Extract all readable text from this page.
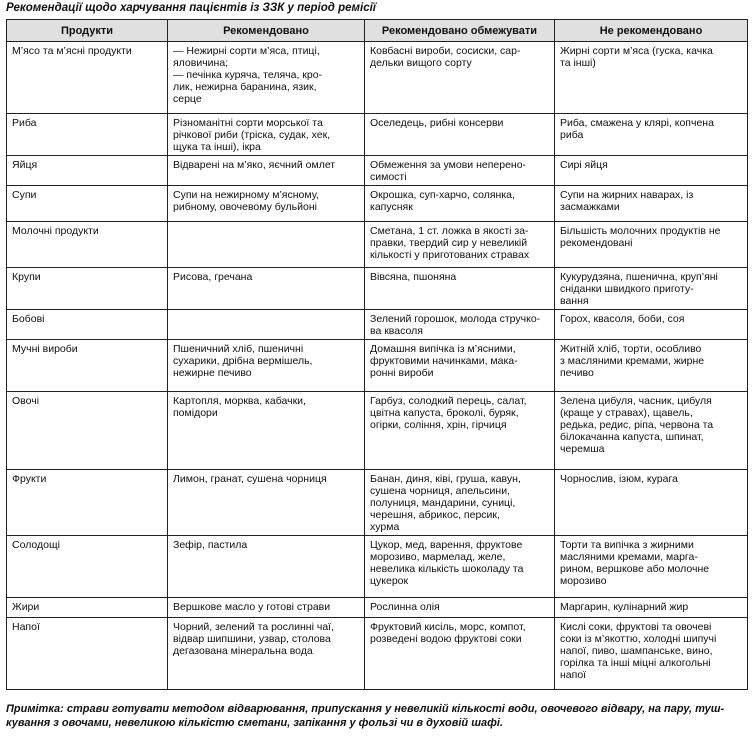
Рекомендації щодо харчування пацієнтів із ЗЗК у період ремісії
Продукти	Рекомендовано	Рекомендовано обмежувати	Не рекомендовано
М’ясо та м’ясні продукти	— Нежирні сорти м’яса, птиці,
яловичина;
— печінка куряча, теляча, кро-
лик, нежирна баранина, язик,
серце	Ковбасні вироби, сосиски, сар-
дельки вищого сорту	Жирні сорти м’яса (гуска, качка
та інші)
Риба	Різноманітні сорти морської та
річкової риби (тріска, судак, хек,
щука та інші), ікра	Оселедець, рибні консерви	Риба, смажена у клярі, копчена
риба
Яйця	Відварені на м’яко, яєчний омлет	Обмеження за умови неперено-
симості	Сирі яйця
Супи	Супи на нежирному м’ясному,
рибному, овочевому бульйоні	Окрошка, суп-харчо, солянка,
капусняк	Супи на жирних наварах, із
засмажками
Молочні продукти		Сметана, 1 ст. ложка в якості за-
правки, твердий сир у невеликій
кількості у приготованих стравах	Більшість молочних продуктів не
рекомендовані
Крупи	Рисова, гречана	Вівсяна, пшоняна	Кукурудзяна, пшенична, круп’яні
сніданки швидкого приготу-
вання
Бобові		Зелений горошок, молода стручко-
ва квасоля	Горох, квасоля, боби, соя
Мучні вироби	Пшеничний хліб, пшеничні
сухарики, дрібна вермішель,
нежирне печиво	Домашня випічка із м’ясними,
фруктовими начинками, мака-
ронні вироби	Житній хліб, торти, особливо
з масляними кремами, жирне
печиво
Овочі	Картопля, морква, кабачки,
помідори	Гарбуз, солодкий перець, салат,
цвітна капуста, броколі, буряк,
огірки, соління, хрін, гірчиця	Зелена цибуля, часник, цибуля
(краще у стравах), щавель,
редька, редис, ріпа, червона та
білокачанна капуста, шпинат,
черемша
Фрукти	Лимон, гранат, сушена чорниця	Банан, диня, ківі, груша, кавун,
сушена чорниця, апельсини,
полуниця, мандарини, суниці,
черешня, абрикос, персик,
хурма	Чорнослив, ізюм, курага
Солодощі	Зефір, пастила	Цукор, мед, варення, фруктове
морозиво, мармелад, желе,
невелика кількість шоколаду та
цукерок	Торти та випічка з жирними
масляними кремами, марга-
рином, вершкове або молочне
морозиво
Жири	Вершкове масло у готові страви	Рослинна олія	Маргарин, кулінарний жир
Напої	Чорний, зелений та рослинні чаї,
відвар шипшини, узвар, столова
дегазована мінеральна вода	Фруктовий кисіль, морс, компот,
розведені водою фруктові соки	Кислі соки, фруктові та овочеві
соки із м’якоттю, холодні шипучі
напої, пиво, шампанське, вино,
горілка та інші міцні алкогольні
напої
Примітка: страви готувати методом відварювання, припускання у невеликій кількості води, овочевого відвару, на пару, туш-
кування з овочами, невеликою кількістю сметани, запікання у фользі чи в духовій шафі.
